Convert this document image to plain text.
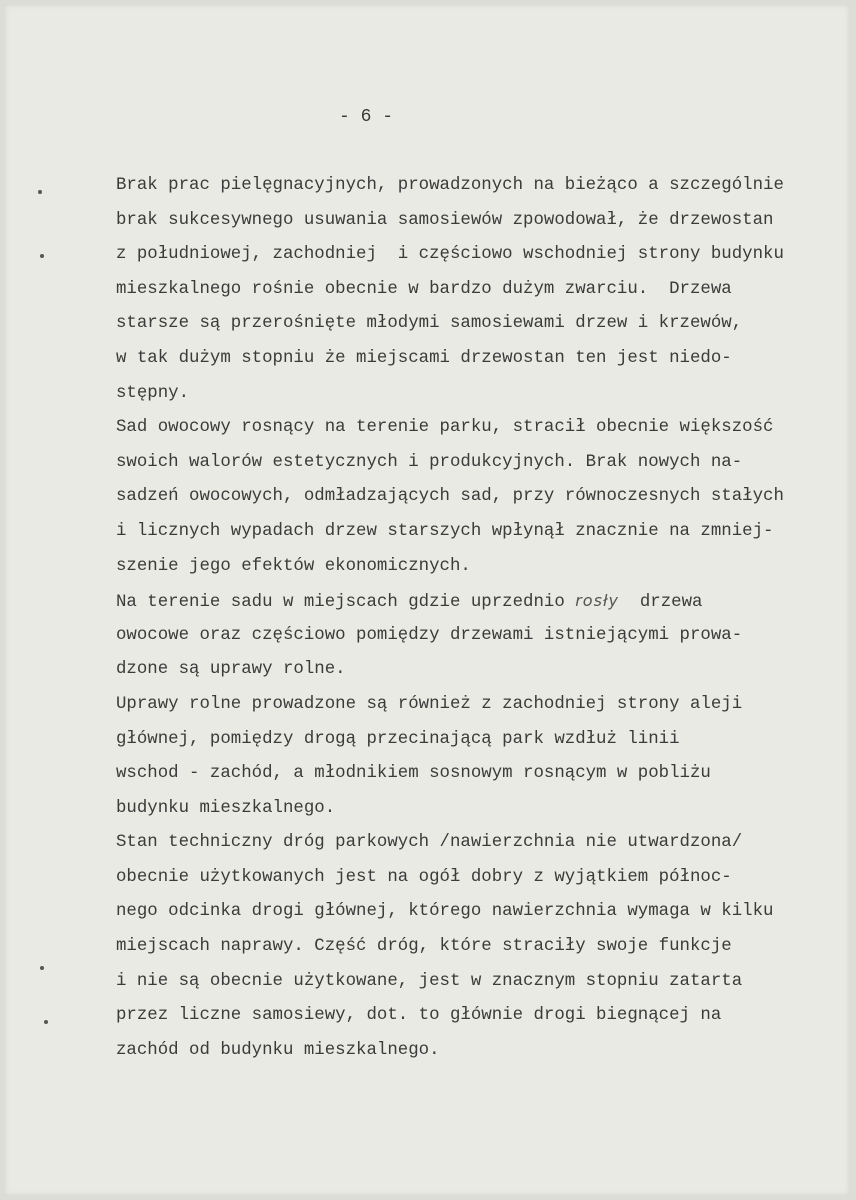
- 6 -
Brak prac pielęgnacyjnych, prowadzonych na bieżąco a szczególnie
brak sukcesywnego usuwania samosiewów zpowodował, że drzewostan
z południowej, zachodniej  i częściowo wschodniej strony budynku
mieszkalnego rośnie obecnie w bardzo dużym zwarciu.  Drzewa
starsze są przerośnięte młodymi samosiewami drzew i krzewów,
w tak dużym stopniu że miejscami drzewostan ten jest niedo-
stępny.
Sad owocowy rosnący na terenie parku, stracił obecnie większość
swoich walorów estetycznych i produkcyjnych. Brak nowych na-
sadzeń owocowych, odmładzających sad, przy równoczesnych stałych
i licznych wypadach drzew starszych wpłynął znacznie na zmniej-
szenie jego efektów ekonomicznych.
Na terenie sadu w miejscach gdzie uprzednio rosły  drzewa
owocowe oraz częściowo pomiędzy drzewami istniejącymi prowa-
dzone są uprawy rolne.
Uprawy rolne prowadzone są również z zachodniej strony aleji
głównej, pomiędzy drogą przecinającą park wzdłuż linii
wschod - zachód, a młodnikiem sosnowym rosnącym w pobliżu
budynku mieszkalnego.
Stan techniczny dróg parkowych /nawierzchnia nie utwardzona/
obecnie użytkowanych jest na ogół dobry z wyjątkiem północ-
nego odcinka drogi głównej, którego nawierzchnia wymaga w kilku
miejscach naprawy. Część dróg, które straciły swoje funkcje
i nie są obecnie użytkowane, jest w znacznym stopniu zatarta
przez liczne samosiewy, dot. to głównie drogi biegnącej na
zachód od budynku mieszkalnego.
